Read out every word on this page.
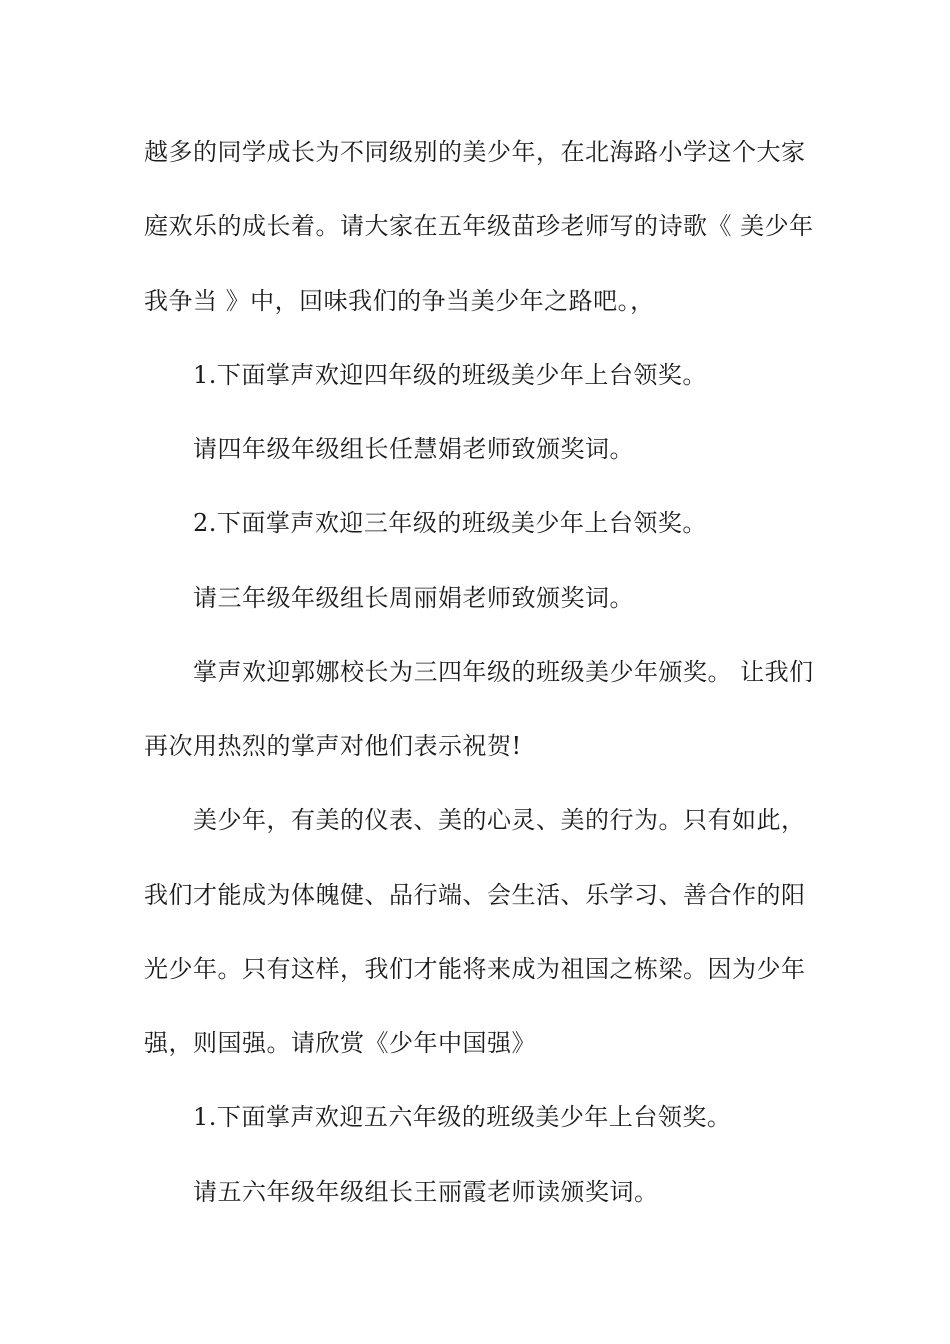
越多的同学成长为不同级别的美少年，在北海路小学这个大家
庭欢乐的成长着。请大家在五年级苗珍老师写的诗歌《 美少年
我争当 》中，回味我们的争当美少年之路吧。，
1.下面掌声欢迎四年级的班级美少年上台领奖。
请四年级年级组长任慧娟老师致颁奖词。
2.下面掌声欢迎三年级的班级美少年上台领奖。
请三年级年级组长周丽娟老师致颁奖词。
掌声欢迎郭娜校长为三四年级的班级美少年颁奖。 让我们
再次用热烈的掌声对他们表示祝贺!
美少年，有美的仪表、美的心灵、美的行为。只有如此，
我们才能成为体魄健、品行端、会生活、乐学习、善合作的阳
光少年。只有这样，我们才能将来成为祖国之栋梁。因为少年
强，则国强。请欣赏《少年中国强》
1.下面掌声欢迎五六年级的班级美少年上台领奖。
请五六年级年级组长王丽霞老师读颁奖词。
